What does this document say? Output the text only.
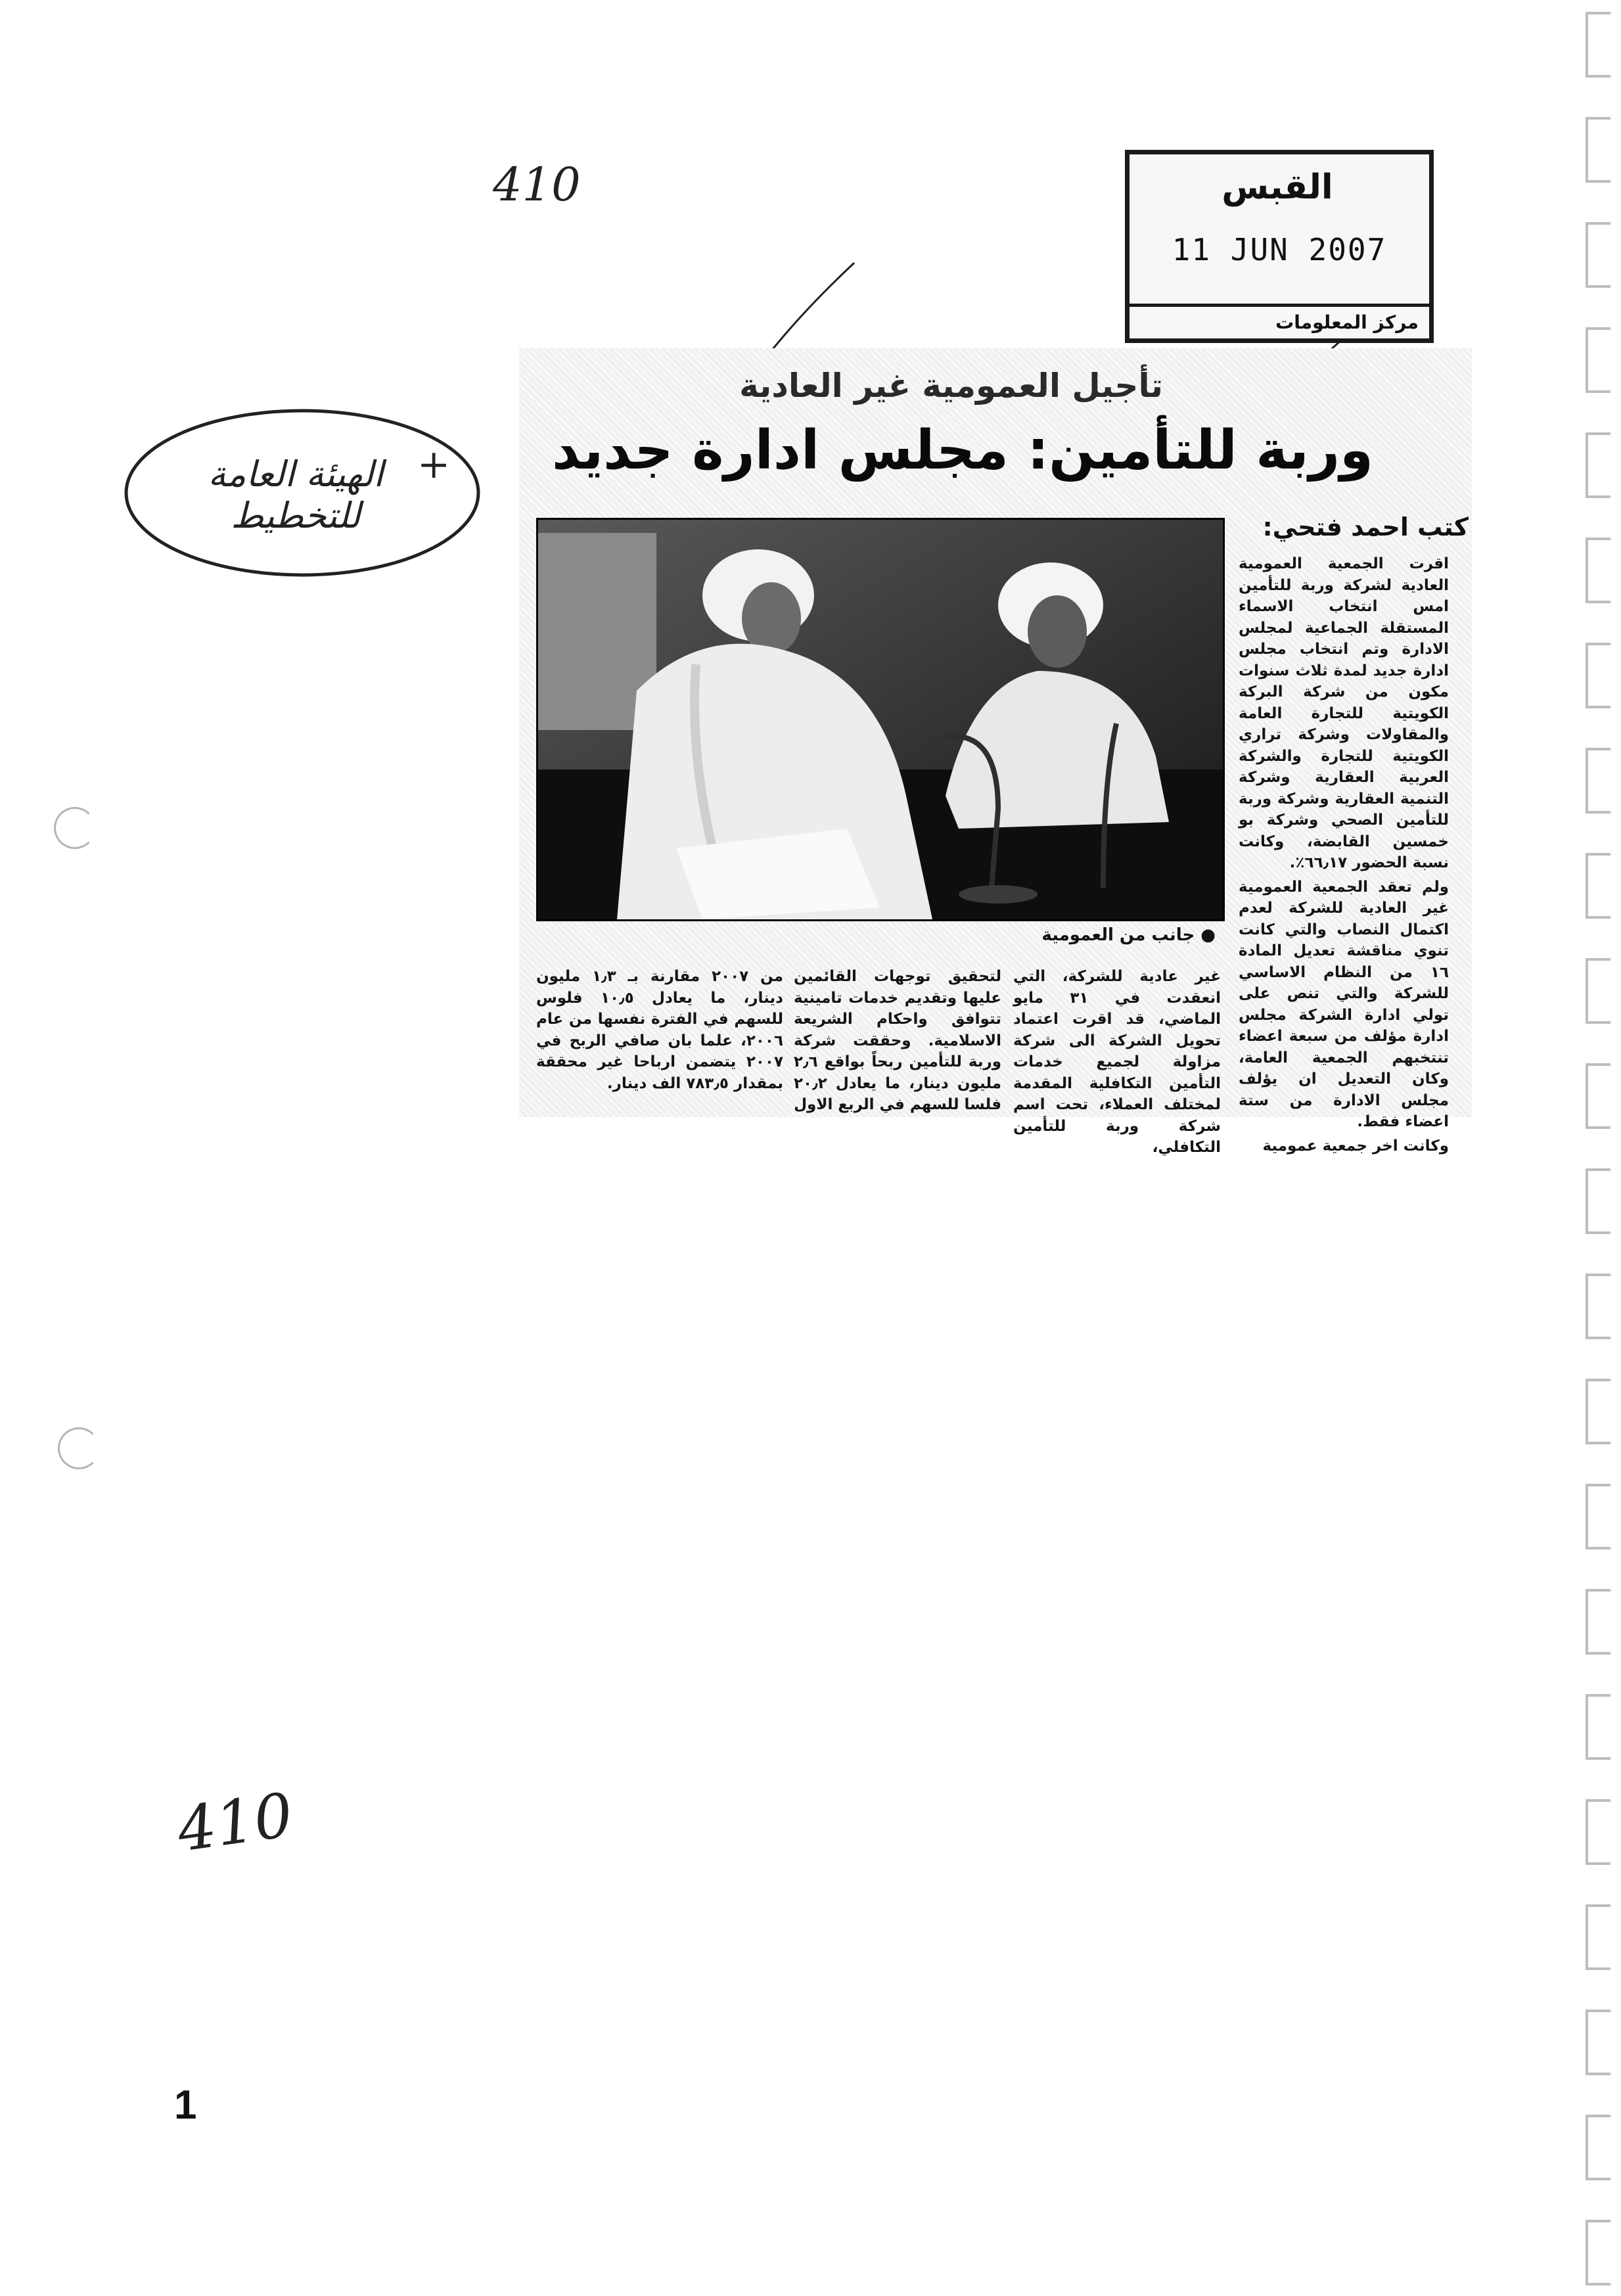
410
الهيئة العامة للتخطيط
+
410
القبس
11 JUN 2007
مركز المعلومات
تأجيل العمومية غير العادية
وربة للتأمين: مجلس ادارة جديد
كتب احمد فتحي:
● جانب من العمومية

اقرت الجمعية العمومية العادية لشركة وربة للتأمين امس انتخاب الاسماء المستقلة الجماعية لمجلس الادارة وتم انتخاب مجلس ادارة جديد لمدة ثلاث سنوات مكون من شركة البركة الكويتية للتجارة العامة والمقاولات وشركة تراري الكويتية للتجارة والشركة العربية العقارية وشركة التنمية العقارية وشركة وربة للتأمين الصحي وشركة بو خمسين القابضة، وكانت نسبة الحضور ٦٦٫١٧٪.

ولم تعقد الجمعية العمومية غير العادية للشركة لعدم اكتمال النصاب والتي كانت تنوي مناقشة تعديل المادة ١٦ من النظام الاساسي للشركة والتي تنص على تولي ادارة الشركة مجلس ادارة مؤلف من سبعة اعضاء تنتخبهم الجمعية العامة، وكان التعديل ان يؤلف مجلس الادارة من ستة اعضاء فقط.

وكانت اخر جمعية عمومية

غير عادية للشركة، التي انعقدت في ٣١ مايو الماضي، قد اقرت اعتماد تحويل الشركة الى شركة مزاولة لجميع خدمات التأمين التكافلية المقدمة لمختلف العملاء، تحت اسم شركة وربة للتأمين التكافلي،
لتحقيق توجهات القائمين عليها وتقديم خدمات تامينية تتوافق واحكام الشريعة الاسلامية. وحققت شركة وربة للتأمين ربحاً بواقع ٢٫٦ مليون دينار، ما يعادل ٢٠٫٢ فلسا للسهم في الربع الاول
من ٢٠٠٧ مقارنة بـ ١٫٣ مليون دينار، ما يعادل ١٠٫٥ فلوس للسهم في الفترة نفسها من عام ٢٠٠٦، علما بان صافي الربح في ٢٠٠٧ يتضمن ارباحا غير محققة بمقدار ٧٨٣٫٥ الف دينار.
1
